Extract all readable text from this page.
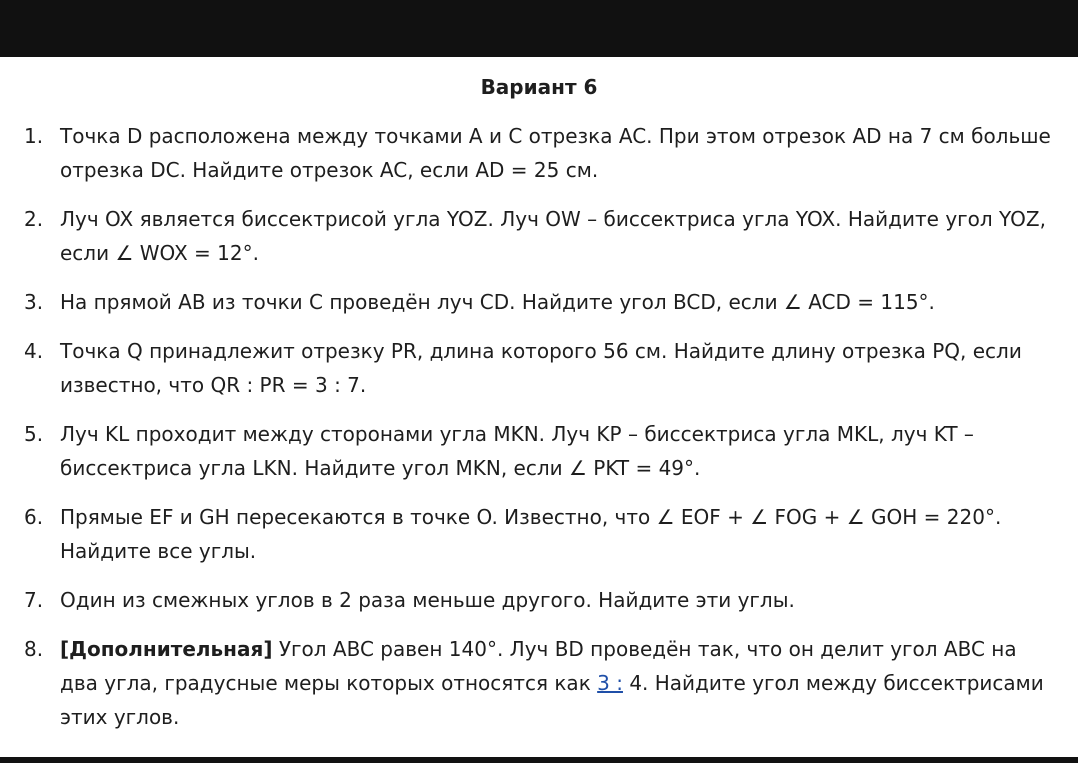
Вариант 6
1. Точка D расположена между точками A и C отрезка AC. При этом отрезок AD на 7 см больше отрезка DC. Найдите отрезок AC, если AD = 25 см.
2. Луч OX является биссектрисой угла YOZ. Луч OW – биссектриса угла YOX. Найдите угол YOZ, если ∠ WOX = 12°.
3. На прямой AB из точки C проведён луч CD. Найдите угол BCD, если ∠ ACD = 115°.
4. Точка Q принадлежит отрезку PR, длина которого 56 см. Найдите длину отрезка PQ, если известно, что QR : PR = 3 : 7.
5. Луч KL проходит между сторонами угла MKN. Луч KP – биссектриса угла MKL, луч KT – биссектриса угла LKN. Найдите угол MKN, если ∠ PKT = 49°.
6. Прямые EF и GH пересекаются в точке O. Известно, что ∠ EOF + ∠ FOG + ∠ GOH = 220°. Найдите все углы.
7. Один из смежных углов в 2 раза меньше другого. Найдите эти углы.
8. [Дополнительная] Угол ABC равен 140°. Луч BD проведён так, что он делит угол ABC на два угла, градусные меры которых относятся как 3 : 4. Найдите угол между биссектрисами этих углов.
